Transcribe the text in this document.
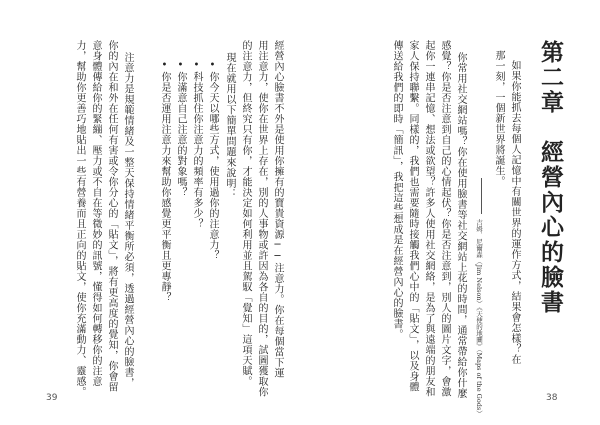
經營內心臉書不外是使用你擁有的寶貴資源──注意力。你在每個當下運
用注意力，使你在世界上存在，別的人事物或許因為各自的目的，試圖獲取你
的注意力，但終究只有你，才能決定如何利用並且駕馭「覺知」這項天賦。
現在就用以下簡單問題來說明：
•你今天以哪些方式，使用過你的注意力？
•科技抓住你注意力的頻率有多少？
•你滿意自己注意的對象嗎？
•你是否運用注意力來幫助你感覺更平衡且更專靜？
注意力是規範情緒及一整天保持情緒平衡所必須，透過經營內心的臉書，
你的內在和外在任何有害或令你分心的「貼文」，將有更高度的覺知，你會留
意身體傳給你的緊繃、壓力或不自在等微妙的訊號，懂得如何轉移你的注意
力，幫助你更善巧地貼出一些有營養而且正向的貼文，使你充滿動力、靈感。
39
第二章　經營內心的臉書
如果你能抓去每個人記憶中有關世界的運作方式，結果會怎樣？在
那一刻，一個新世界將誕生。
吉姆．尼爾森（Jim Nelson）《天使的地圖》（Maps of the Gods）
你常用社交網站嗎？你在使用臉書等社交網站上花的時間，通常帶給你什麼
感覺？你是否注意到自己的心情起伏？你是否注意到，別人的圖片文字，會激
起你一連串記憶、想法或欲望？許多人使用社交網絡，是為了與遠端的朋友和
家人保持聯繫。同樣的，我們也需要隨時接觸我們心中的「貼文」，以及身體
傳送給我們的即時「簡訊」，我把這些想成是在經營內心的臉書。
38
